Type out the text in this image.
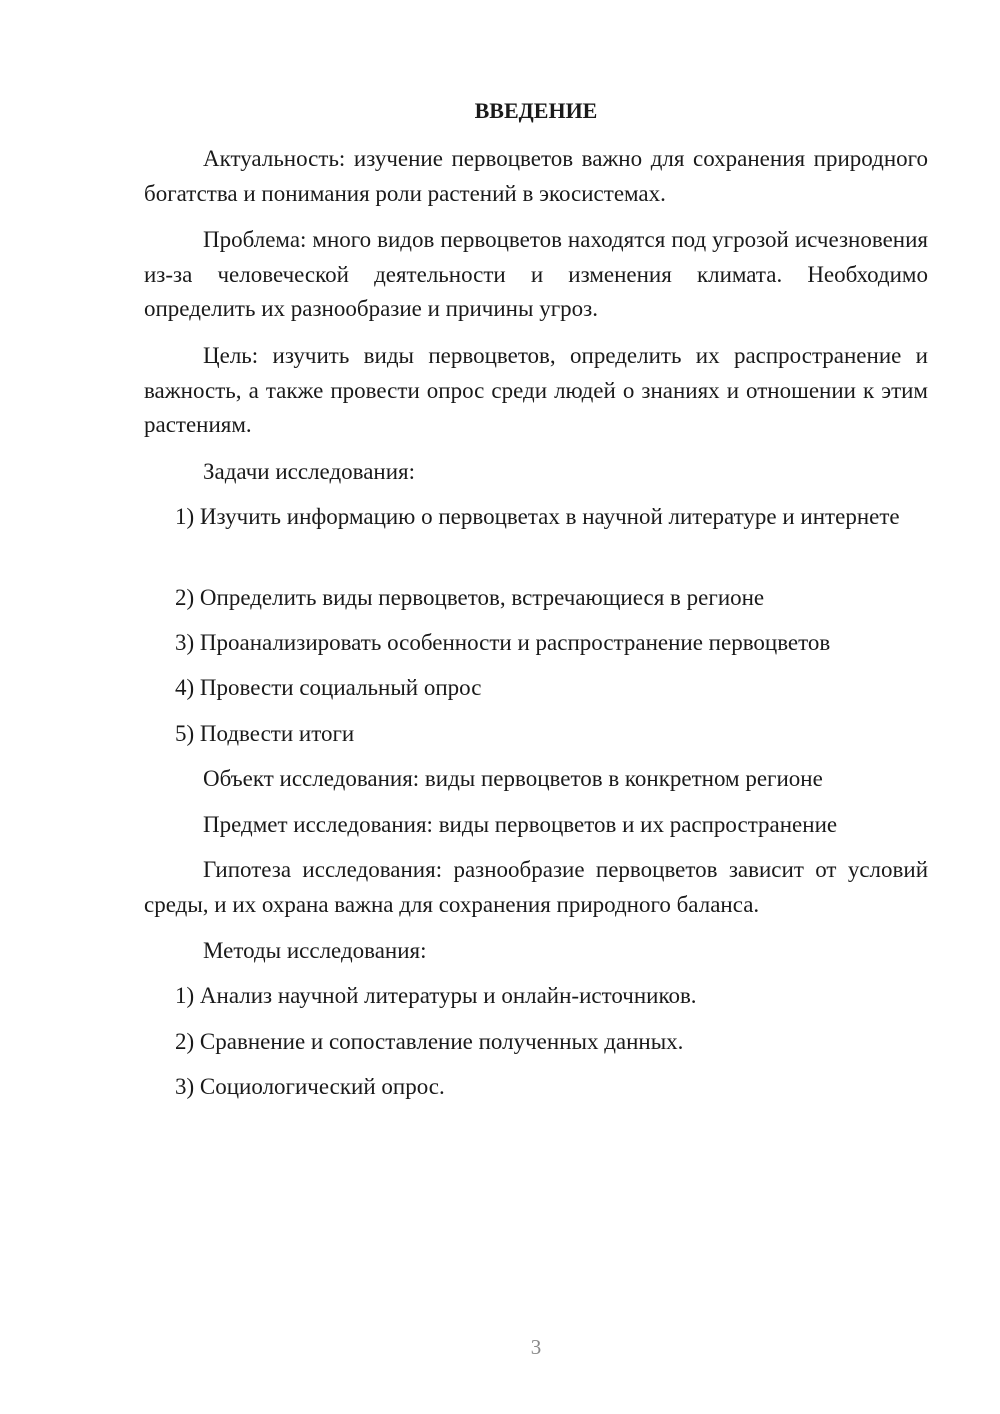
ВВЕДЕНИЕ

Актуальность: изучение первоцветов важно для сохранения природного богатства и понимания роли растений в экосистемах.

Проблема: много видов первоцветов находятся под угрозой исчезновения из-за человеческой деятельности и изменения климата. Необходимо определить их разнообразие и причины угроз.

Цель: изучить виды первоцветов, определить их распространение и важность, а также провести опрос среди людей о знаниях и отношении к этим растениям.

Задачи исследования:

1) Изучить информацию о первоцветах в научной литературе и интернете

2) Определить виды первоцветов, встречающиеся в регионе

3) Проанализировать особенности и распространение первоцветов

4) Провести социальный опрос

5) Подвести итоги

Объект исследования: виды первоцветов в конкретном регионе

Предмет исследования: виды первоцветов и их распространение

Гипотеза исследования: разнообразие первоцветов зависит от условий среды, и их охрана важна для сохранения природного баланса.

Методы исследования:

1) Анализ научной литературы и онлайн-источников.

2) Сравнение и сопоставление полученных данных.

3) Социологический опрос.

3
